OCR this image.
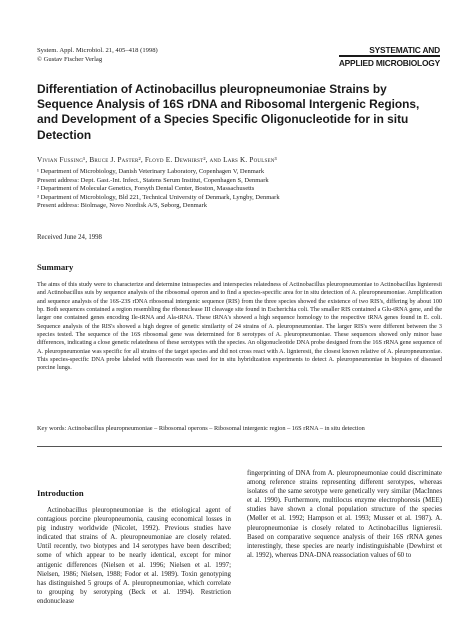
System. Appl. Microbiol. 21, 405–418 (1998)
© Gustav Fischer Verlag
SYSTEMATIC AND
APPLIED MICROBIOLOGY
Differentiation of Actinobacillus pleuropneumoniae Strains by Sequence Analysis of 16S rDNA and Ribosomal Intergenic Regions, and Development of a Species Specific Oligonucleotide for in situ Detection
Vivian Fussing¹, Bruce J. Paster², Floyd E. Dewhirst², and Lars K. Poulsen³
¹ Department of Microbiology, Danish Veterinary Laboratory, Copenhagen V, Denmark
Present address: Dept. Gast.-Int. Infect., Statens Serum Institut, Copenhagen S, Denmark
² Department of Molecular Genetics, Forsyth Dental Center, Boston, Massachusetts
³ Department of Microbiology, Bld 221, Technical University of Denmark, Lyngby, Denmark
Present address: Biolmage, Novo Nordisk A/S, Søborg, Denmark
Received June 24, 1998
Summary
The aims of this study were to characterize and determine intraspecies and interspecies relatedness of Actinobacillus pleuropneumoniae to Actinobacillus lignieresii and Actinobacillus suis by sequence analysis of the ribosomal operon and to find a species-specific area for in situ detection of A. pleuropneumoniae. Amplification and sequence analysis of the 16S-23S rDNA ribosomal intergenic sequence (RIS) from the three species showed the existence of two RIS's, differing by about 100 bp. Both sequences contained a region resembling the ribonuclease III cleavage site found in Escherichia coli. The smaller RIS contained a Glu-tRNA gene, and the larger one contained genes encoding Ile-tRNA and Ala-tRNA. These tRNA's showed a high sequence homology to the respective tRNA genes found in E. coli. Sequence analysis of the RIS's showed a high degree of genetic similarity of 24 strains of A. pleuropneumoniae. The larger RIS's were different between the 3 species tested. The sequence of the 16S ribosomal gene was determined for 8 serotypes of A. pleuropneumoniae. These sequences showed only minor base differences, indicating a close genetic relatedness of these serotypes with the species. An oligonucleotide DNA probe designed from the 16S rRNA gene sequence of A. pleuropneumoniae was specific for all strains of the target species and did not cross react with A. lignieresii, the closest known relative of A. pleuropneumoniae. This species-specific DNA probe labeled with fluorescein was used for in situ hybridization experiments to detect A. pleuropneumoniae in biopsies of diseased porcine lungs.
Key words: Actinobacillus pleuropneumoniae – Ribosomal operons – Ribosomal intergenic region – 16S rRNA – in situ detection
Introduction

Actinobacillus pleuropneumoniae is the etiological agent of contagious porcine pleuropneumonia, causing economical losses in pig industry worldwide (Nicolet, 1992). Previous studies have indicated that strains of A. pleuropneumoniae are closely related. Until recently, two biotypes and 14 serotypes have been described; some of which appear to be nearly identical, except for minor antigenic differences (Nielsen et al. 1996; Nielsen et al. 1997; Nielsen, 1986; Nielsen, 1988; Fodor et al. 1989). Toxin genotyping has distinguished 5 groups of A. pleuropneumoniae, which correlate to grouping by serotyping (Beck et al. 1994). Restriction endonuclease

fingerprinting of DNA from A. pleuropneumoniae could discriminate among reference strains representing different serotypes, whereas isolates of the same serotype were genetically very similar (MacInnes et al. 1990). Furthermore, multilocus enzyme electrophoresis (MEE) studies have shown a clonal population structure of the species (Møller et al. 1992; Hampson et al. 1993; Musser et al. 1987). A. pleuropneumoniae is closely related to Actinobacillus lignieresii. Based on comparative sequence analysis of their 16S rRNA genes interestingly, these species are nearly indistinguishable (Dewhirst et al. 1992), whereas DNA-DNA reassociation values of 60 to
